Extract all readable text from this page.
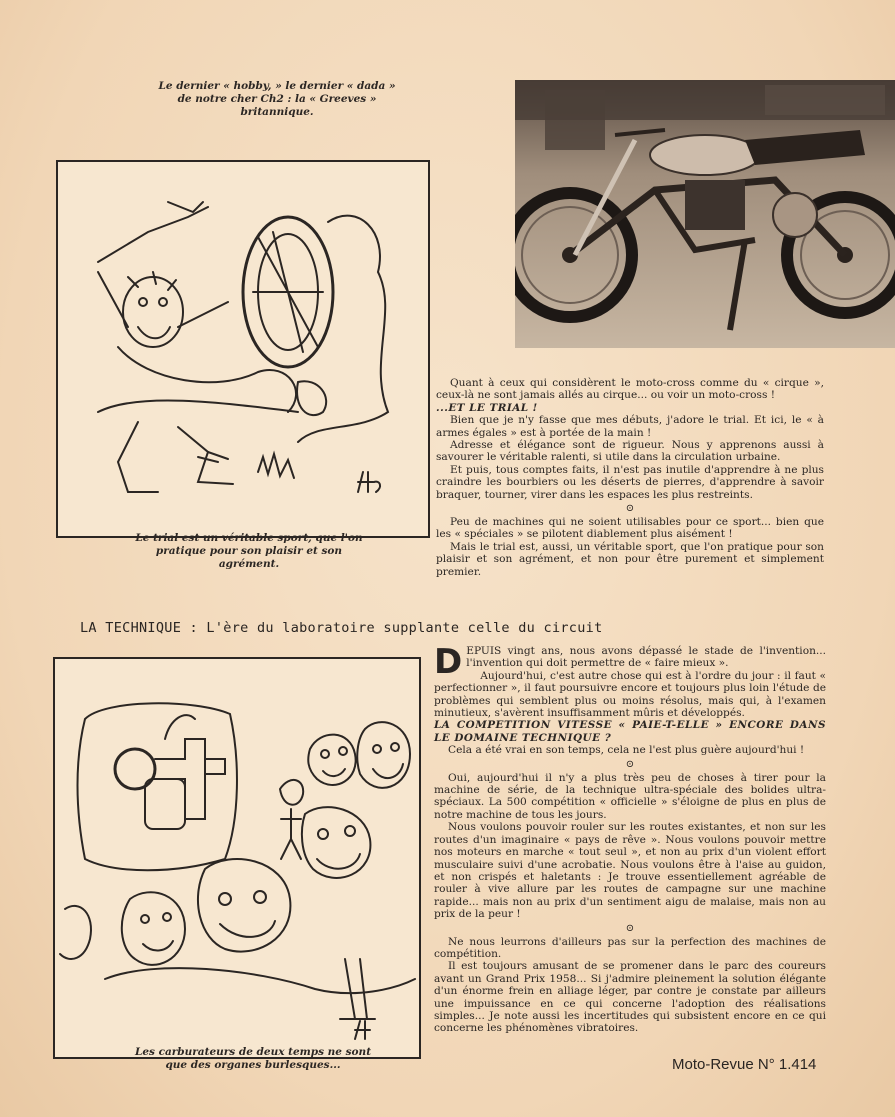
Le dernier « hobby, » le dernier « dada » de notre cher Ch2 : la « Greeves » britannique.
Le trial est un véritable sport, que l'on pratique pour son plaisir et son agrément.

Quant à ceux qui considèrent le moto-cross comme du « cirque », ceux-là ne sont jamais allés au cirque... ou voir un moto-cross !

...ET LE TRIAL !

Bien que je n'y fasse que mes débuts, j'adore le trial. Et ici, le « à armes égales » est à portée de la main !

Adresse et élégance sont de rigueur. Nous y apprenons aussi à savourer le véritable ralenti, si utile dans la circulation urbaine.

Et puis, tous comptes faits, il n'est pas inutile d'apprendre à ne plus craindre les bourbiers ou les déserts de pierres, d'apprendre à savoir braquer, tourner, virer dans les espaces les plus restreints.

⊙

Peu de machines qui ne soient utilisables pour ce sport... bien que les « spéciales » se pilotent diablement plus aisément !

Mais le trial est, aussi, un véritable sport, que l'on pratique pour son plaisir et son agrément, et non pour être purement et simplement premier.

LA TECHNIQUE : L'ère du laboratoire supplante celle du circuit
Les carburateurs de deux temps ne sont que des organes burlesques...

DEPUIS vingt ans, nous avons dépassé le stade de l'invention... l'invention qui doit permettre de « faire mieux ».

Aujourd'hui, c'est autre chose qui est à l'ordre du jour : il faut « perfectionner », il faut poursuivre encore et toujours plus loin l'étude de problèmes qui semblent plus ou moins résolus, mais qui, à l'examen minutieux, s'avèrent insuffisamment mûris et développés.

LA COMPETITION VITESSE « PAIE-T-ELLE » ENCORE DANS LE DOMAINE TECHNIQUE ?

Cela a été vrai en son temps, cela ne l'est plus guère aujourd'hui !

⊙

Oui, aujourd'hui il n'y a plus très peu de choses à tirer pour la machine de série, de la technique ultra-spéciale des bolides ultra-spéciaux. La 500 compétition « officielle » s'éloigne de plus en plus de notre machine de tous les jours.

Nous voulons pouvoir rouler sur les routes existantes, et non sur les routes d'un imaginaire « pays de rêve ». Nous voulons pouvoir mettre nos moteurs en marche « tout seul », et non au prix d'un violent effort musculaire suivi d'une acrobatie. Nous voulons être à l'aise au guidon, et non crispés et haletants : Je trouve essentiellement agréable de rouler à vive allure par les routes de campagne sur une machine rapide... mais non au prix d'un sentiment aigu de malaise, mais non au prix de la peur !

⊙

Ne nous leurrons d'ailleurs pas sur la perfection des machines de compétition.

Il est toujours amusant de se promener dans le parc des coureurs avant un Grand Prix 1958... Si j'admire pleinement la solution élégante d'un énorme frein en alliage léger, par contre je constate par ailleurs une impuissance en ce qui concerne l'adoption des réalisations simples... Je note aussi les incertitudes qui subsistent encore en ce qui concerne les phénomènes vibratoires.

Moto-Revue N° 1.414
